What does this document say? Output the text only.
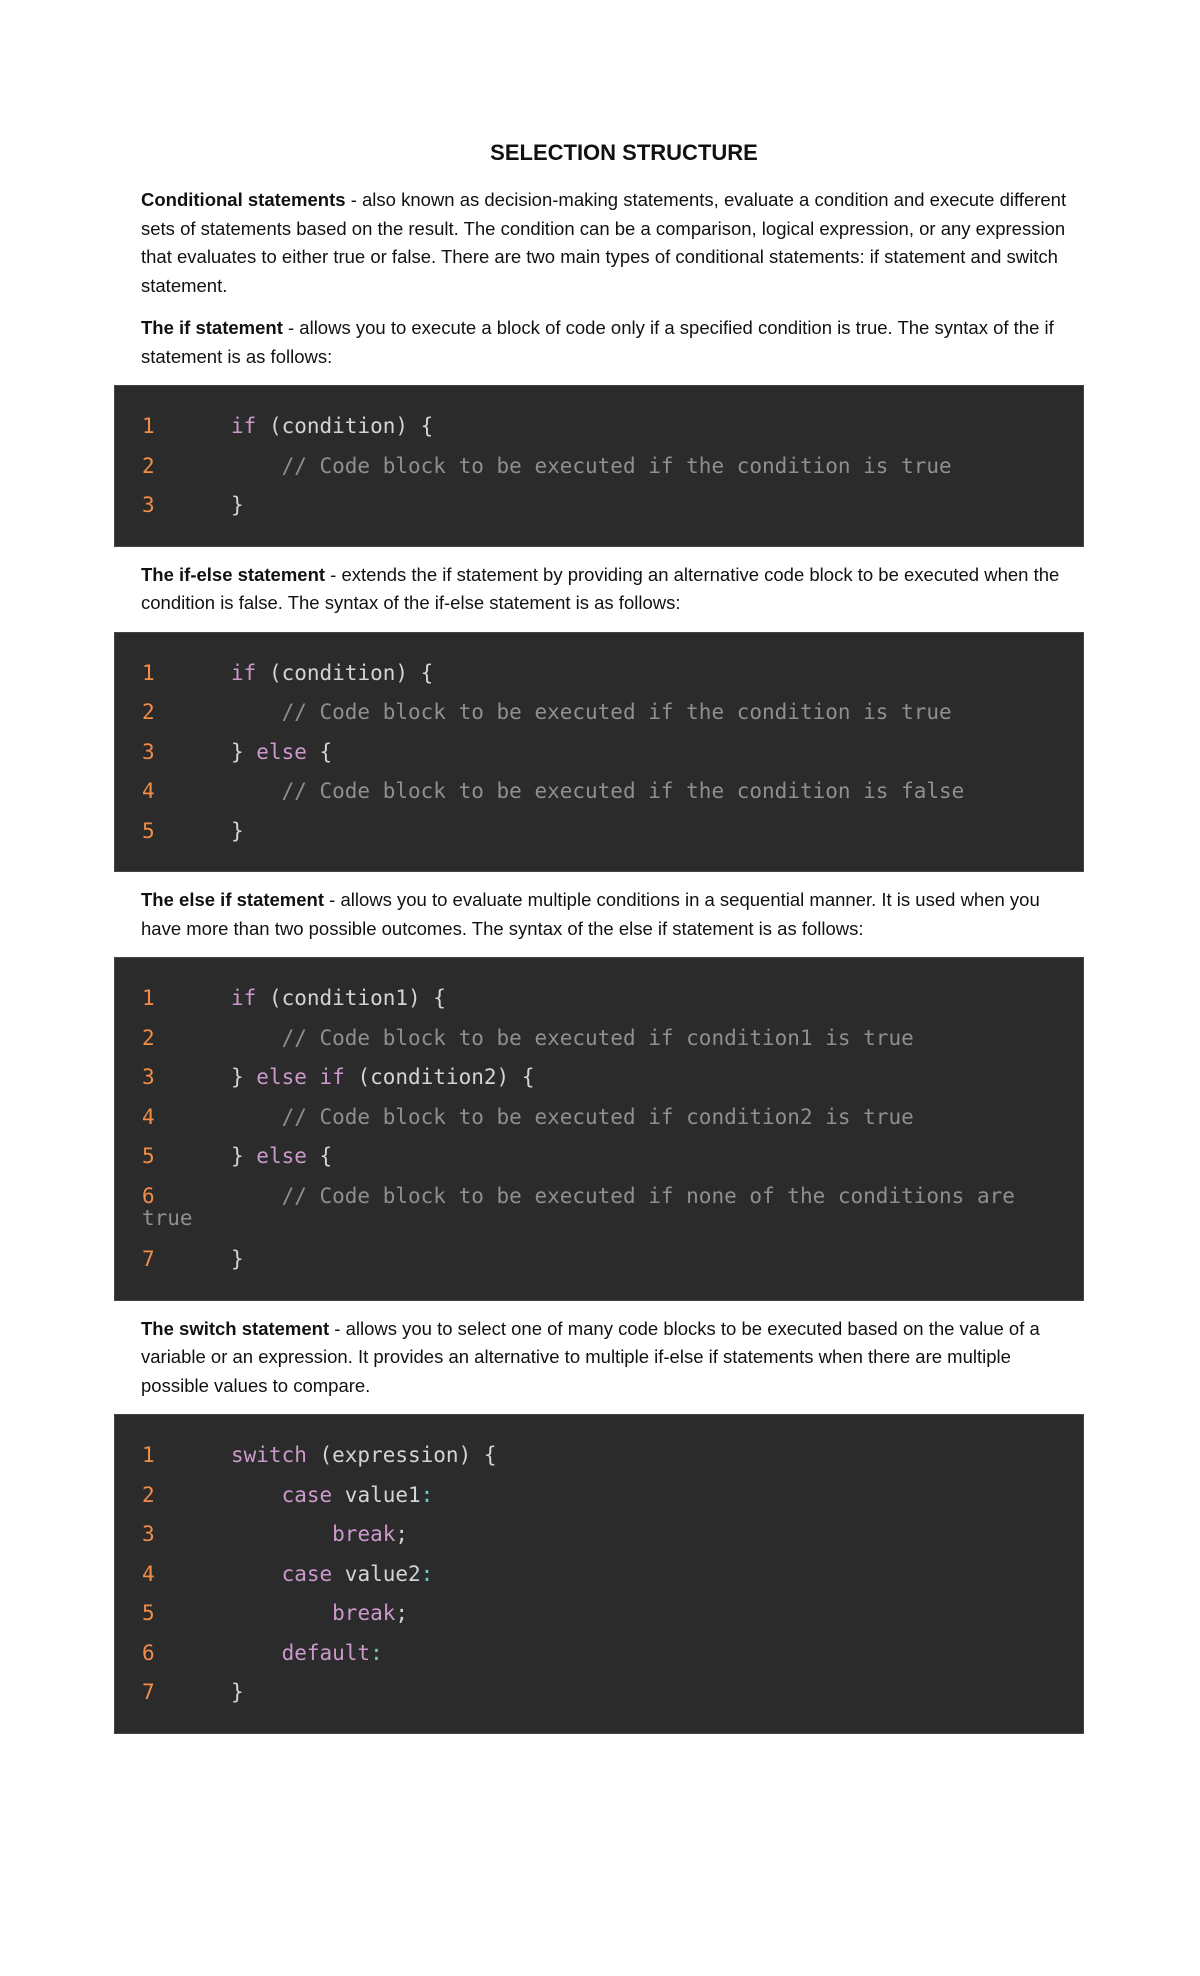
SELECTION STRUCTURE

Conditional statements - also known as decision-making statements, evaluate a condition and execute different sets of statements based on the result. The condition can be a comparison, logical expression, or any expression that evaluates to either true or false. There are two main types of conditional statements: if statement and switch statement.

The if statement - allows you to execute a block of code only if a specified condition is true. The syntax of the if statement is as follows:

1	if (condition) {
2	// Code block to be executed if the condition is true
3	}

The if-else statement - extends the if statement by providing an alternative code block to be executed when the condition is false. The syntax of the if-else statement is as follows:

1	if (condition) {
2	// Code block to be executed if the condition is true
3	} else {
4	// Code block to be executed if the condition is false
5	}

The else if statement - allows you to evaluate multiple conditions in a sequential manner. It is used when you have more than two possible outcomes. The syntax of the else if statement is as follows:

1	if (condition1) {
2	// Code block to be executed if condition1 is true
3	} else if (condition2) {
4	// Code block to be executed if condition2 is true
5	} else {
6	// Code block to be executed if none of the conditions are
true
7	}

The switch statement - allows you to select one of many code blocks to be executed based on the value of a variable or an expression. It provides an alternative to multiple if-else if statements when there are multiple possible values to compare.

1	switch (expression) {
2	case value1:
3	break;
4	case value2:
5	break;
6	default:
7	}
